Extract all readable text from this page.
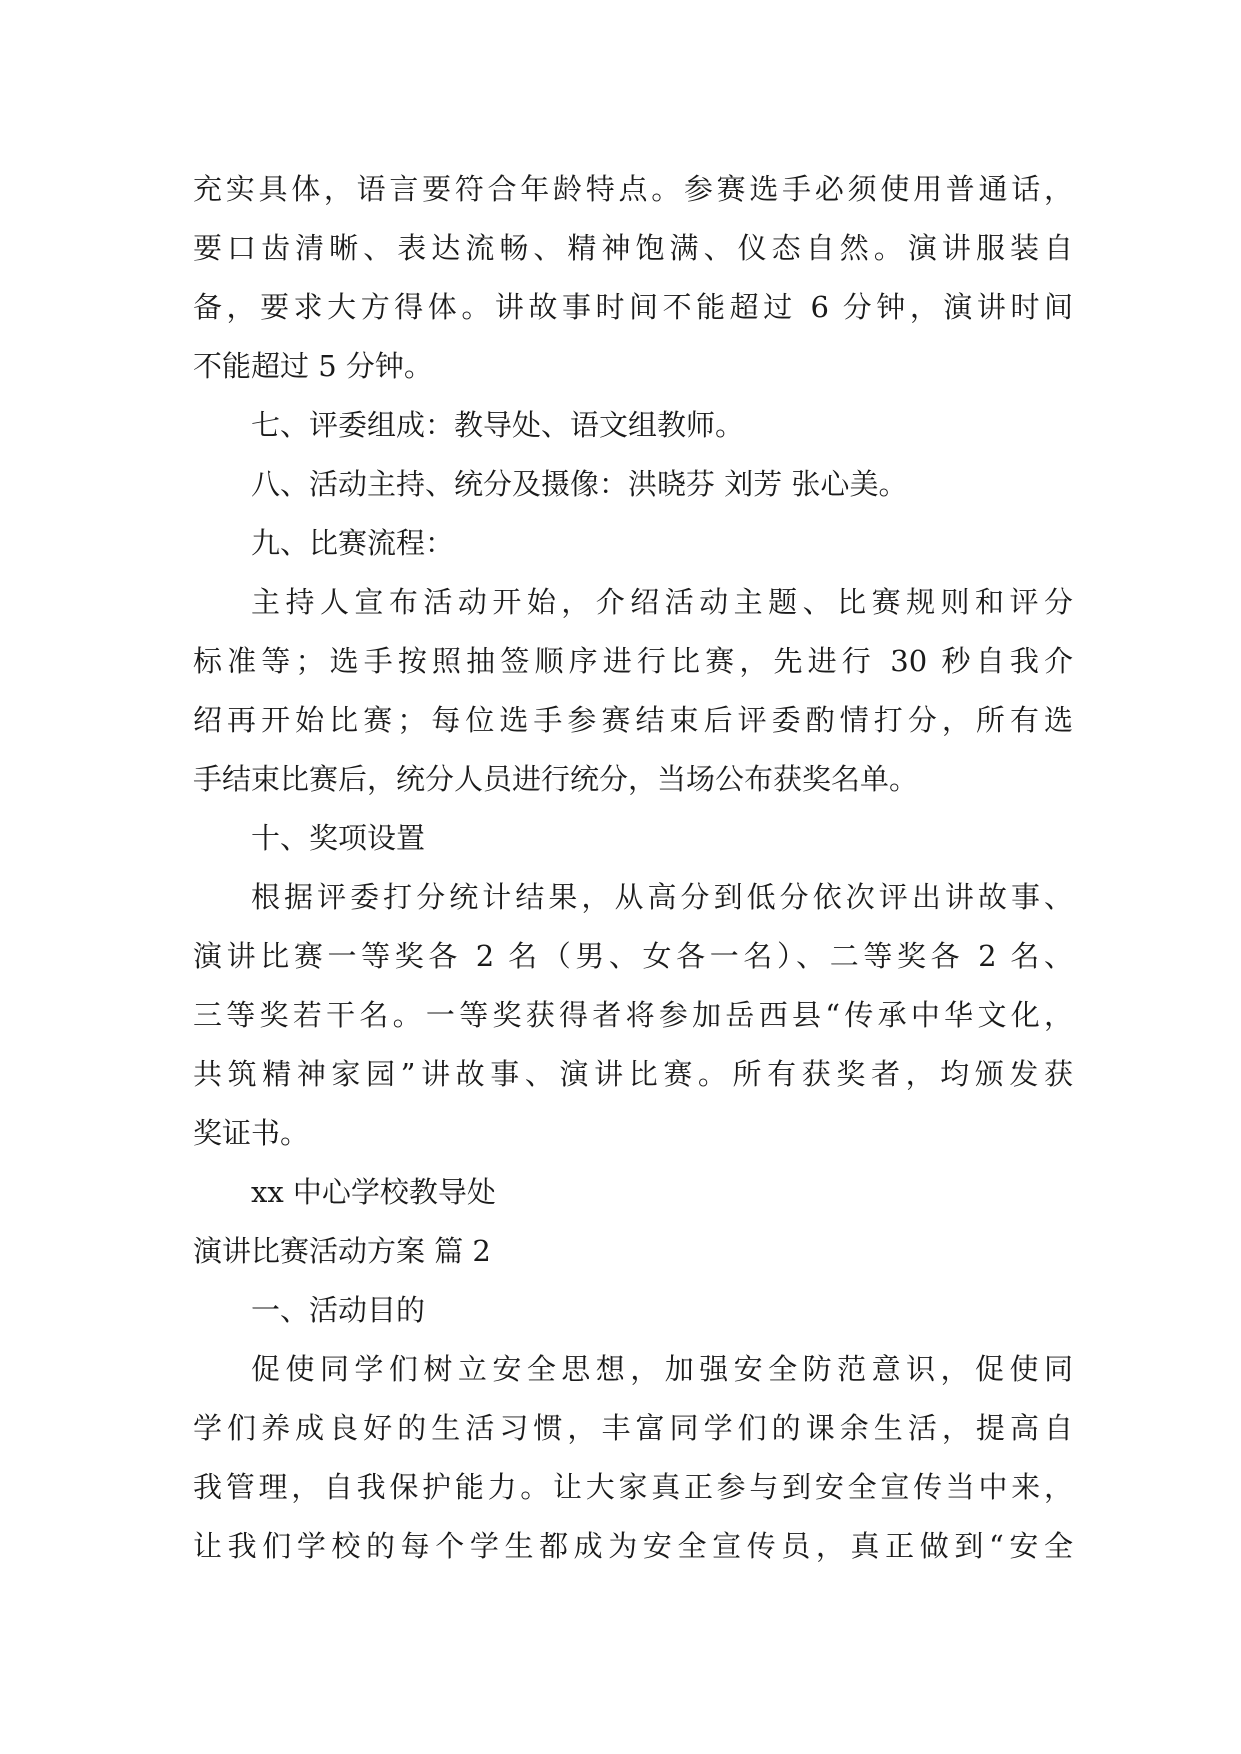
充实具体，语言要符合年龄特点。参赛选手必须使用普通话，
要口齿清晰、表达流畅、精神饱满、仪态自然。演讲服装自
备，要求大方得体。讲故事时间不能超过 6 分钟，演讲时间
不能超过 5 分钟。
七、评委组成：教导处、语文组教师。
八、活动主持、统分及摄像：洪晓芬 刘芳 张心美。
九、比赛流程：
主持人宣布活动开始，介绍活动主题、比赛规则和评分
标准等；选手按照抽签顺序进行比赛，先进行 30 秒自我介
绍再开始比赛；每位选手参赛结束后评委酌情打分，所有选
手结束比赛后，统分人员进行统分，当场公布获奖名单。
十、奖项设置
根据评委打分统计结果，从高分到低分依次评出讲故事、
演讲比赛一等奖各 2 名（男、女各一名）、二等奖各 2 名、
三等奖若干名。一等奖获得者将参加岳西县“传承中华文化，
共筑精神家园”讲故事、演讲比赛。所有获奖者，均颁发获
奖证书。
xx 中心学校教导处
演讲比赛活动方案 篇 2
一、活动目的
促使同学们树立安全思想，加强安全防范意识，促使同
学们养成良好的生活习惯，丰富同学们的课余生活，提高自
我管理，自我保护能力。让大家真正参与到安全宣传当中来，
让我们学校的每个学生都成为安全宣传员，真正做到“安全
